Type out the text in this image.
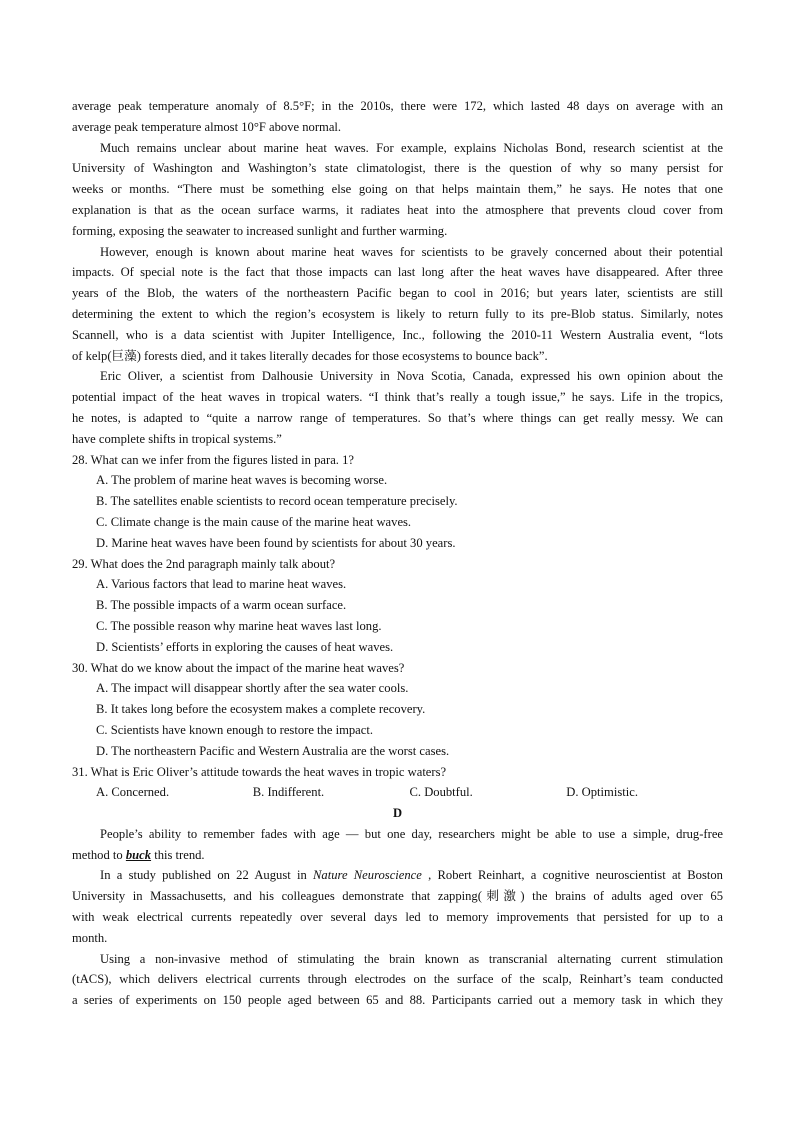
average peak temperature anomaly of 8.5°F; in the 2010s, there were 172, which lasted 48 days on average with an
average peak temperature almost 10°F above normal.
Much remains unclear about marine heat waves. For example, explains Nicholas Bond, research scientist at the
University of Washington and Washington’s state climatologist, there is the question of why so many persist for
weeks or months. “There must be something else going on that helps maintain them,” he says. He notes that one
explanation is that as the ocean surface warms, it radiates heat into the atmosphere that prevents cloud cover from
forming, exposing the seawater to increased sunlight and further warming.
However, enough is known about marine heat waves for scientists to be gravely concerned about their potential
impacts. Of special note is the fact that those impacts can last long after the heat waves have disappeared. After three
years of the Blob, the waters of the northeastern Pacific began to cool in 2016; but years later, scientists are still
determining the extent to which the region’s ecosystem is likely to return fully to its pre-Blob status. Similarly, notes
Scannell, who is a data scientist with Jupiter Intelligence, Inc., following the 2010-11 Western Australia event, “lots
of kelp(巨藻) forests died, and it takes literally decades for those ecosystems to bounce back”.
Eric Oliver, a scientist from Dalhousie University in Nova Scotia, Canada, expressed his own opinion about the
potential impact of the heat waves in tropical waters. “I think that’s really a tough issue,” he says. Life in the tropics,
he notes, is adapted to “quite a narrow range of temperatures. So that’s where things can get really messy. We can
have complete shifts in tropical systems.”
28. What can we infer from the figures listed in para. 1?
A. The problem of marine heat waves is becoming worse.
B. The satellites enable scientists to record ocean temperature precisely.
C. Climate change is the main cause of the marine heat waves.
D. Marine heat waves have been found by scientists for about 30 years.
29. What does the 2nd paragraph mainly talk about?
A. Various factors that lead to marine heat waves.
B. The possible impacts of a warm ocean surface.
C. The possible reason why marine heat waves last long.
D. Scientists’ efforts in exploring the causes of heat waves.
30. What do we know about the impact of the marine heat waves?
A. The impact will disappear shortly after the sea water cools.
B. It takes long before the ecosystem makes a complete recovery.
C. Scientists have known enough to restore the impact.
D. The northeastern Pacific and Western Australia are the worst cases.
31. What is Eric Oliver’s attitude towards the heat waves in tropic waters?
A. Concerned.	B. Indifferent.	C. Doubtful.	D. Optimistic.
D
People’s ability to remember fades with age — but one day, researchers might be able to use a simple, drug-free
method to buck this trend.
In a study published on 22 August in Nature Neuroscience , Robert Reinhart, a cognitive neuroscientist at Boston
University in Massachusetts, and his colleagues demonstrate that zapping(刺激) the brains of adults aged over 65
with weak electrical currents repeatedly over several days led to memory improvements that persisted for up to a
month.
Using a non-invasive method of stimulating the brain known as transcranial alternating current stimulation
(tACS), which delivers electrical currents through electrodes on the surface of the scalp, Reinhart’s team conducted
a series of experiments on 150 people aged between 65 and 88. Participants carried out a memory task in which they
